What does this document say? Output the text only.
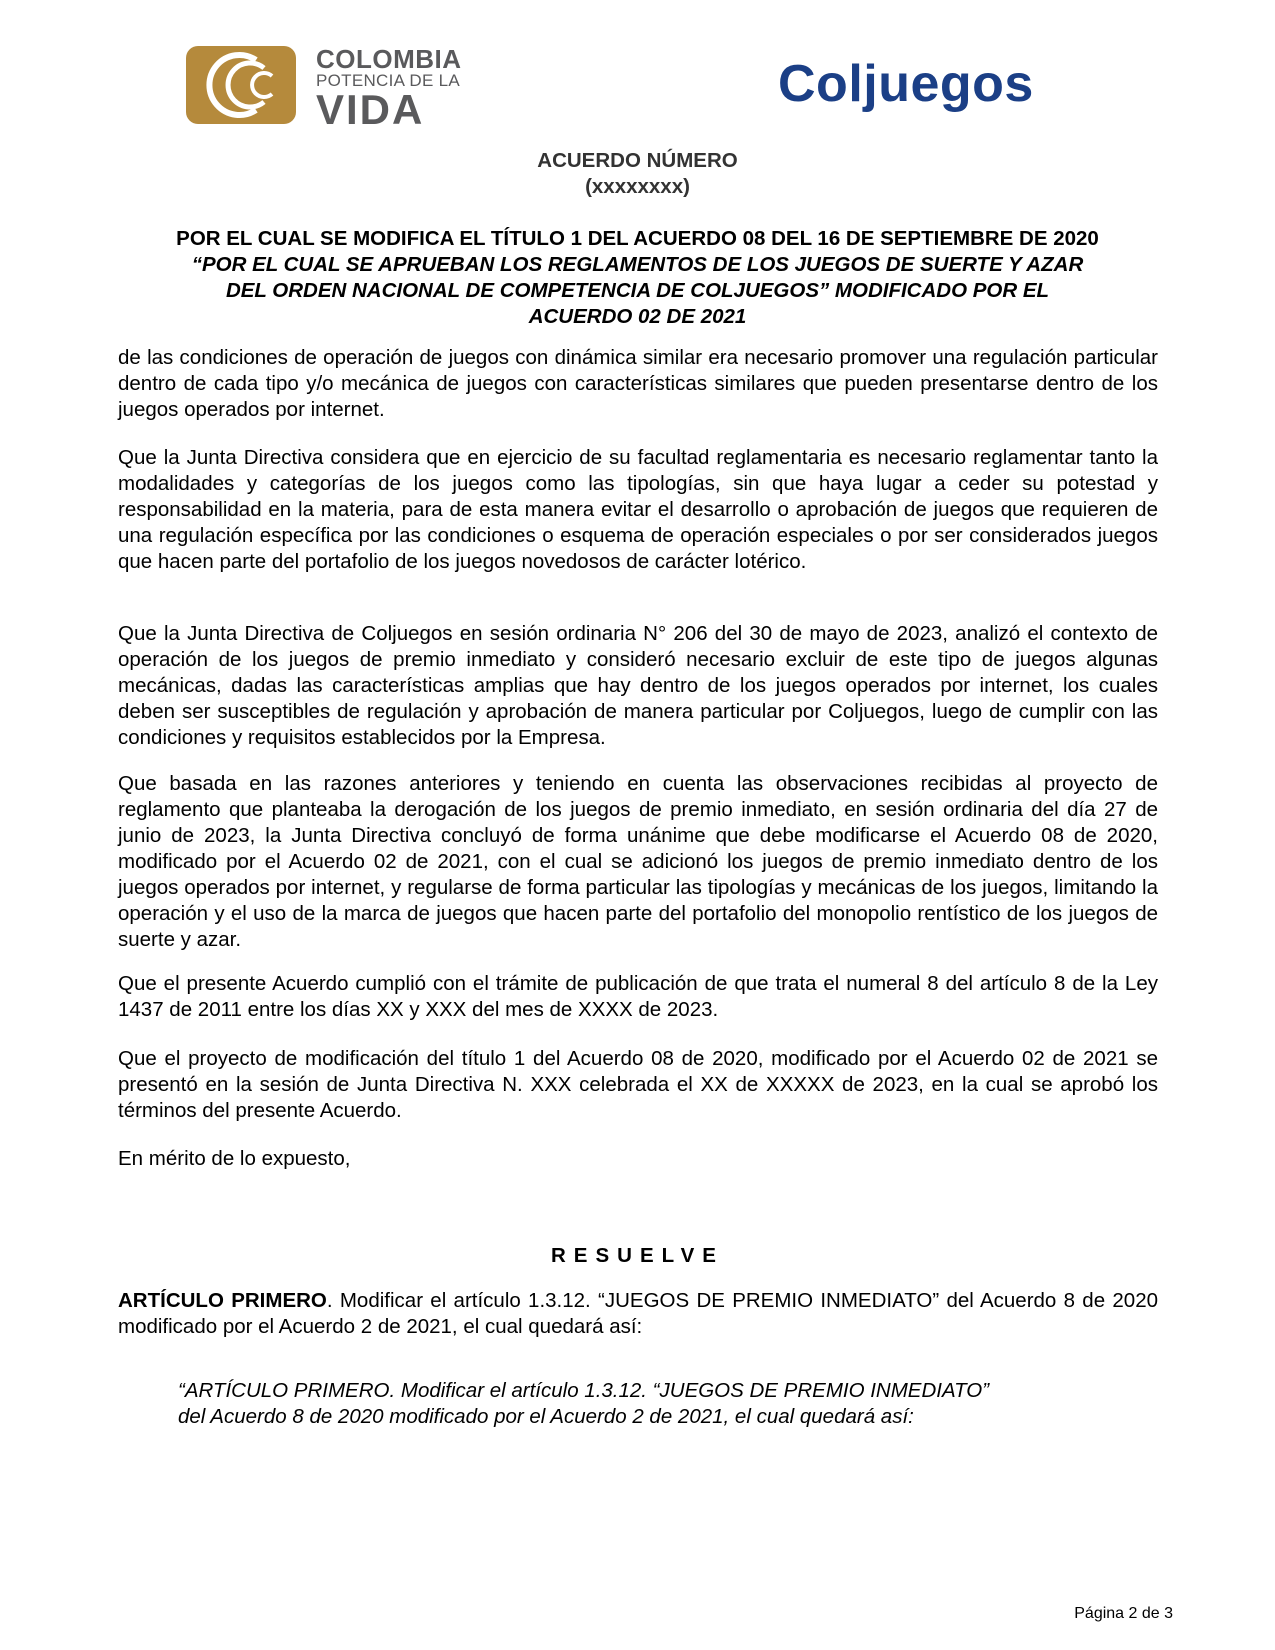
COLOMBIA
POTENCIA DE LA
VIDA	Coljuegos
ACUERDO NÚMERO
(xxxxxxxx)
POR EL CUAL SE MODIFICA EL TÍTULO 1 DEL ACUERDO 08 DEL 16 DE SEPTIEMBRE DE 2020
“POR EL CUAL SE APRUEBAN LOS REGLAMENTOS DE LOS JUEGOS DE SUERTE Y AZAR
DEL ORDEN NACIONAL DE COMPETENCIA DE COLJUEGOS” MODIFICADO POR EL
ACUERDO 02 DE 2021
de las condiciones de operación de juegos con dinámica similar era necesario promover una regulación particular dentro de cada tipo y/o mecánica de juegos con características similares que pueden presentarse dentro de los juegos operados por internet.
Que la Junta Directiva considera que en ejercicio de su facultad reglamentaria es necesario reglamentar tanto la modalidades y categorías de los juegos como las tipologías, sin que haya lugar a ceder su potestad y responsabilidad en la materia, para de esta manera evitar el desarrollo o aprobación de juegos que requieren de una regulación específica por las condiciones o esquema de operación especiales o por ser considerados juegos que hacen parte del portafolio de los juegos novedosos de carácter lotérico.
Que la Junta Directiva de Coljuegos en sesión ordinaria N° 206 del 30 de mayo de 2023, analizó el contexto de operación de los juegos de premio inmediato y consideró necesario excluir de este tipo de juegos algunas mecánicas, dadas las características amplias que hay dentro de los juegos operados por internet, los cuales deben ser susceptibles de regulación y aprobación de manera particular por Coljuegos, luego de cumplir con las condiciones y requisitos establecidos por la Empresa.
Que basada en las razones anteriores y teniendo en cuenta las observaciones recibidas al proyecto de reglamento que planteaba la derogación de los juegos de premio inmediato, en sesión ordinaria del día 27 de junio de 2023, la Junta Directiva concluyó de forma unánime que debe modificarse el Acuerdo 08 de 2020, modificado por el Acuerdo 02 de 2021, con el cual se adicionó los juegos de premio inmediato dentro de los juegos operados por internet, y regularse de forma particular las tipologías y mecánicas de los juegos, limitando la operación y el uso de la marca de juegos que hacen parte del portafolio del monopolio rentístico de los juegos de suerte y azar.
Que el presente Acuerdo cumplió con el trámite de publicación de que trata el numeral 8 del artículo 8 de la Ley 1437 de 2011 entre los días XX y XXX del mes de XXXX de 2023.
Que el proyecto de modificación del título 1 del Acuerdo 08 de 2020, modificado por el Acuerdo 02 de 2021 se presentó en la sesión de Junta Directiva N. XXX celebrada el XX de XXXXX de 2023, en la cual se aprobó los términos del presente Acuerdo.
En mérito de lo expuesto,
RESUELVE
ARTÍCULO PRIMERO. Modificar el artículo 1.3.12. “JUEGOS DE PREMIO INMEDIATO” del Acuerdo 8 de 2020 modificado por el Acuerdo 2 de 2021, el cual quedará así:
“ARTÍCULO PRIMERO. Modificar el artículo 1.3.12. “JUEGOS DE PREMIO INMEDIATO”
del Acuerdo 8 de 2020 modificado por el Acuerdo 2 de 2021, el cual quedará así:
Página 2 de 3
